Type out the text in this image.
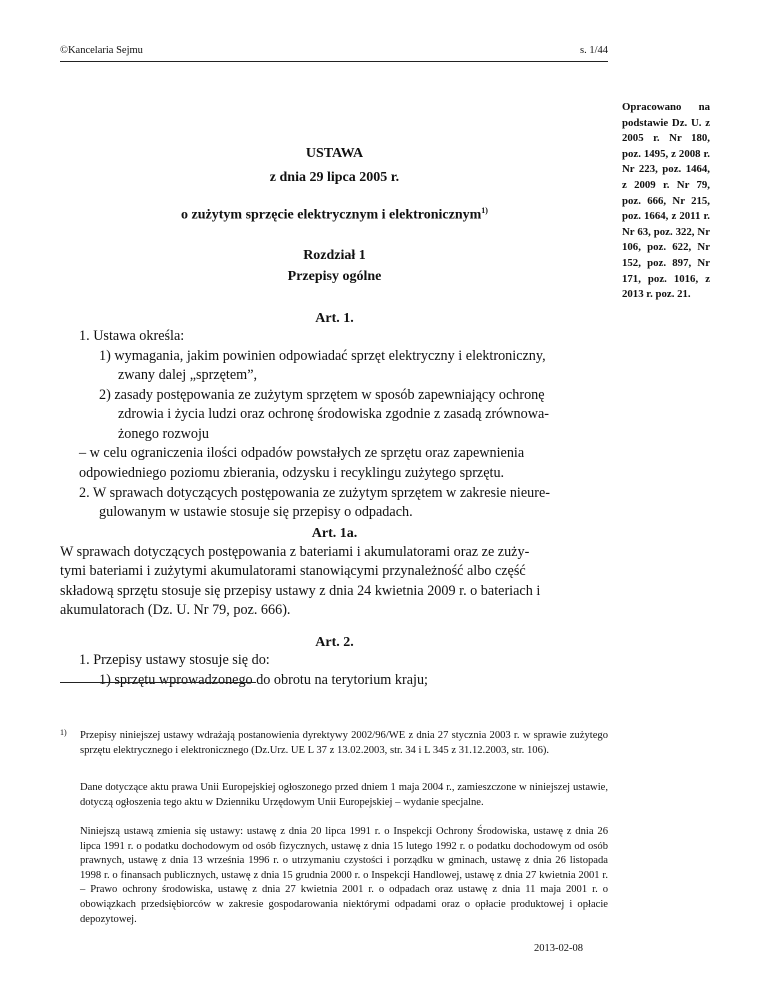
©Kancelaria Sejmu	s. 1/44
Opracowano na podstawie Dz. U. z 2005 r. Nr 180, poz. 1495, z 2008 r. Nr 223, poz. 1464, z 2009 r. Nr 79, poz. 666, Nr 215, poz. 1664, z 2011 r. Nr 63, poz. 322, Nr 106, poz. 622, Nr 152, poz. 897, Nr 171, poz. 1016, z 2013 r. poz. 21.
USTAWA
z dnia 29 lipca 2005 r.
o zużytym sprzęcie elektrycznym i elektronicznym$^{1)}$
Rozdział 1
Przepisy ogólne
Art. 1.
1. Ustawa określa:
1) wymagania, jakim powinien odpowiadać sprzęt elektryczny i elektroniczny,
zwany dalej „sprzętem”,
2) zasady postępowania ze zużytym sprzętem w sposób zapewniający ochronę
zdrowia i życia ludzi oraz ochronę środowiska zgodnie z zasadą zrównowa-
żonego rozwoju
– w celu ograniczenia ilości odpadów powstałych ze sprzętu oraz zapewnienia
odpowiedniego poziomu zbierania, odzysku i recyklingu zużytego sprzętu.
2. W sprawach dotyczących postępowania ze zużytym sprzętem w zakresie nieure-
gulowanym w ustawie stosuje się przepisy o odpadach.
Art. 1a.
W sprawach dotyczących postępowania z bateriami i akumulatorami oraz ze zuży-
tymi bateriami i zużytymi akumulatorami stanowiącymi przynależność albo część
składową sprzętu stosuje się przepisy ustawy z dnia 24 kwietnia 2009 r. o bateriach i
akumulatorach (Dz. U. Nr 79, poz. 666).
Art. 2.
1. Przepisy ustawy stosuje się do:
1) sprzętu wprowadzonego do obrotu na terytorium kraju;
1) Przepisy niniejszej ustawy wdrażają postanowienia dyrektywy 2002/96/WE z dnia 27 stycznia 2003 r. w sprawie zużytego sprzętu elektrycznego i elektronicznego (Dz.Urz. UE L 37 z 13.02.2003, str. 34 i L 345 z 31.12.2003, str. 106).
Dane dotyczące aktu prawa Unii Europejskiej ogłoszonego przed dniem 1 maja 2004 r., zamieszczone w niniejszej ustawie, dotyczą ogłoszenia tego aktu w Dzienniku Urzędowym Unii Europejskiej – wydanie specjalne.
Niniejszą ustawą zmienia się ustawy: ustawę z dnia 20 lipca 1991 r. o Inspekcji Ochrony Środowiska, ustawę z dnia 26 lipca 1991 r. o podatku dochodowym od osób fizycznych, ustawę z dnia 15 lutego 1992 r. o podatku dochodowym od osób prawnych, ustawę z dnia 13 września 1996 r. o utrzymaniu czystości i porządku w gminach, ustawę z dnia 26 listopada 1998 r. o finansach publicznych, ustawę z dnia 15 grudnia 2000 r. o Inspekcji Handlowej, ustawę z dnia 27 kwietnia 2001 r. – Prawo ochrony środowiska, ustawę z dnia 27 kwietnia 2001 r. o odpadach oraz ustawę z dnia 11 maja 2001 r. o obowiązkach przedsiębiorców w zakresie gospodarowania niektórymi odpadami oraz o opłacie produktowej i opłacie depozytowej.
2013-02-08
